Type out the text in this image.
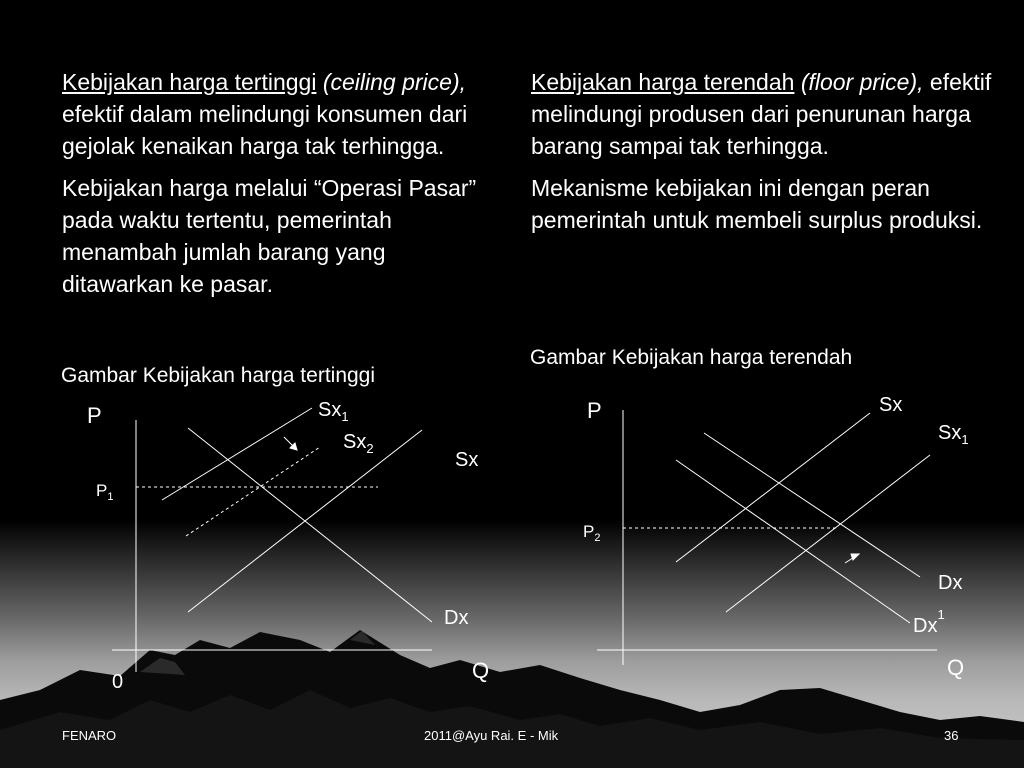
Kebijakan harga tertinggi (ceiling price), efektif dalam melindungi konsumen dari gejolak kenaikan harga tak terhingga.

Kebijakan harga melalui “Operasi Pasar” pada waktu tertentu, pemerintah menambah jumlah barang yang ditawarkan ke pasar.

Kebijakan harga terendah (floor price), efektif melindungi produsen dari penurunan harga barang sampai tak terhingga.

Mekanisme kebijakan ini dengan peran pemerintah untuk membeli surplus produksi.

Gambar Kebijakan harga tertinggi
Gambar Kebijakan harga terendah
P
Q
0
$P_1$
$Sx_1$
$Sx_2$
Sx
Dx
P
Q
$P_2$
Sx
$Sx_1$
Dx
Dx$^1$
FENARO	2011@Ayu Rai. E - Mik	36
